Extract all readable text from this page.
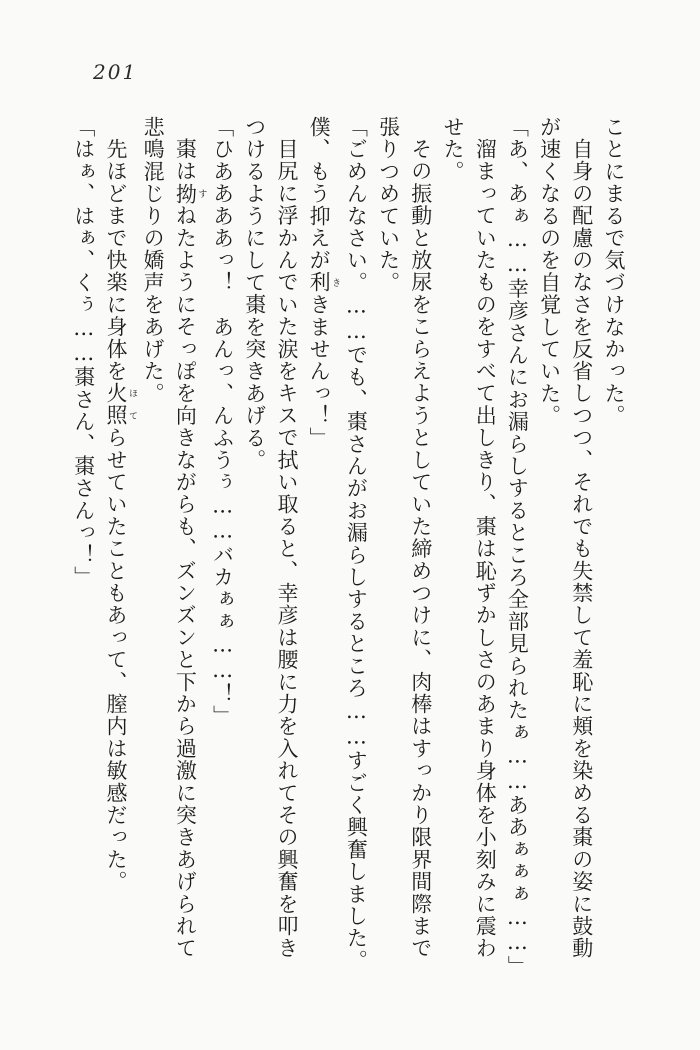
201

ことにまるで気づけなかった。

自身の配慮のなさを反省しつつ、それでも失禁して羞恥に頬を染める棗の姿に鼓動

が速くなるのを自覚していた。

「あ、あぁ……幸彦さんにお漏らしするところ全部見られたぁ……ああぁぁぁ……」

溜まっていたものをすべて出しきり、棗は恥ずかしさのあまり身体を小刻みに震わ

せた。

その振動と放尿をこらえようとしていた締めつけに、肉棒はすっかり限界間際まで

張りつめていた。

「ごめんなさい。……でも、棗さんがお漏らしするところ……すごく興奮しました。

僕、もう抑えが利 ききませんっ！」

目尻に浮かんでいた涙をキスで拭い取ると、幸彦は腰に力を入れてその興奮を叩き

つけるようにして棗を突きあげる。

「ひああああっ！　あんっ、んふうぅ……バカぁぁ……！」

棗は拗 すねたようにそっぽを向きながらも、ズンズンと下から過激に突きあげられて

悲鳴混じりの嬌声をあげた。

先ほどまで快楽に身体を火照 ほてらせていたこともあって、膣内は敏感だった。

「はぁ、はぁ、くぅ……棗さん、棗さんっ！」
